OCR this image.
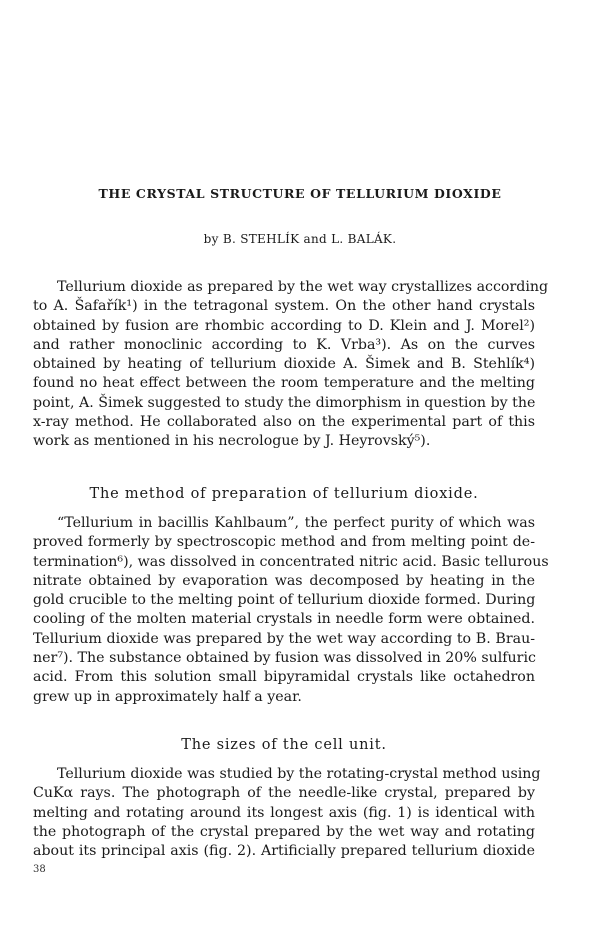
THE CRYSTAL STRUCTURE OF TELLURIUM DIOXIDE
by B. STEHLÍK and L. BALÁK.
Tellurium dioxide as prepared by the wet way crystallizes according
to A. Šafařík¹) in the tetragonal system. On the other hand crystals
obtained by fusion are rhombic according to D. Klein and J. Morel²)
and rather monoclinic according to K. Vrba³). As on the curves
obtained by heating of tellurium dioxide A. Šimek and B. Stehlík⁴)
found no heat effect between the room temperature and the melting
point, A. Šimek suggested to study the dimorphism in question by the
x-ray method. He collaborated also on the experimental part of this
work as mentioned in his necrologue by J. Heyrovský⁵).
The method of preparation of tellurium dioxide.
“Tellurium in bacillis Kahlbaum”, the perfect purity of which was
proved formerly by spectroscopic method and from melting point de-
termination⁶), was dissolved in concentrated nitric acid. Basic tellurous
nitrate obtained by evaporation was decomposed by heating in the
gold crucible to the melting point of tellurium dioxide formed. During
cooling of the molten material crystals in needle form were obtained.
Tellurium dioxide was prepared by the wet way according to B. Brau-
ner⁷). The substance obtained by fusion was dissolved in 20% sulfuric
acid. From this solution small bipyramidal crystals like octahedron
grew up in approximately half a year.
The sizes of the cell unit.
Tellurium dioxide was studied by the rotating-crystal method using
CuKα rays. The photograph of the needle-like crystal, prepared by
melting and rotating around its longest axis (fig. 1) is identical with
the photograph of the crystal prepared by the wet way and rotating
about its principal axis (fig. 2). Artificially prepared tellurium dioxide
38
